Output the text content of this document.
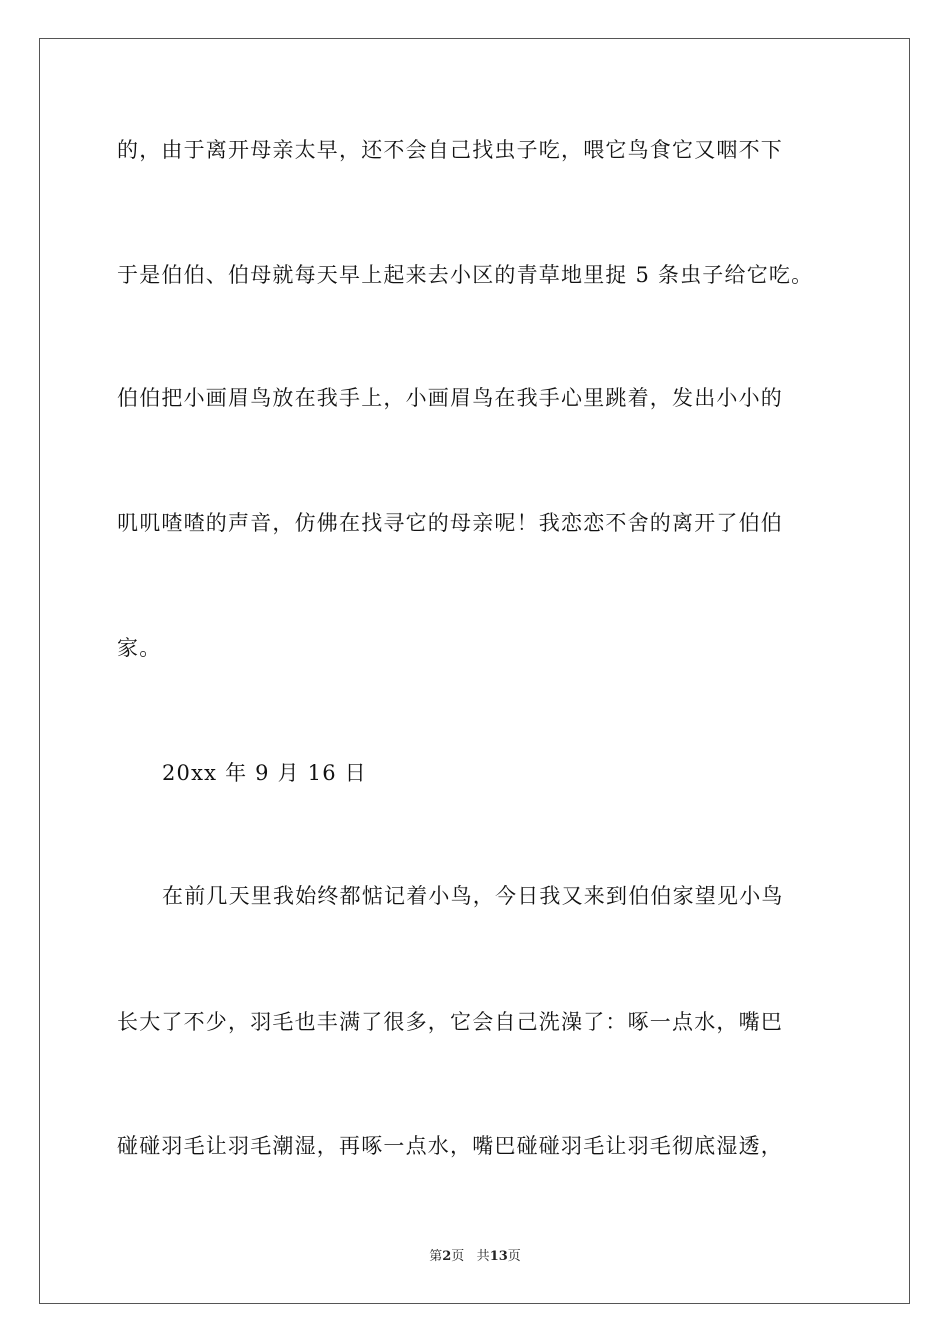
的，由于离开母亲太早，还不会自己找虫子吃，喂它鸟食它又咽不下
于是伯伯、伯母就每天早上起来去小区的青草地里捉 5 条虫子给它吃。
伯伯把小画眉鸟放在我手上，小画眉鸟在我手心里跳着，发出小小的
叽叽喳喳的声音，仿佛在找寻它的母亲呢！我恋恋不舍的离开了伯伯
家。
20xx 年 9 月 16 日
在前几天里我始终都惦记着小鸟，今日我又来到伯伯家望见小鸟
长大了不少，羽毛也丰满了很多，它会自己洗澡了：啄一点水，嘴巴
碰碰羽毛让羽毛潮湿，再啄一点水，嘴巴碰碰羽毛让羽毛彻底湿透，
第2页 共13页
